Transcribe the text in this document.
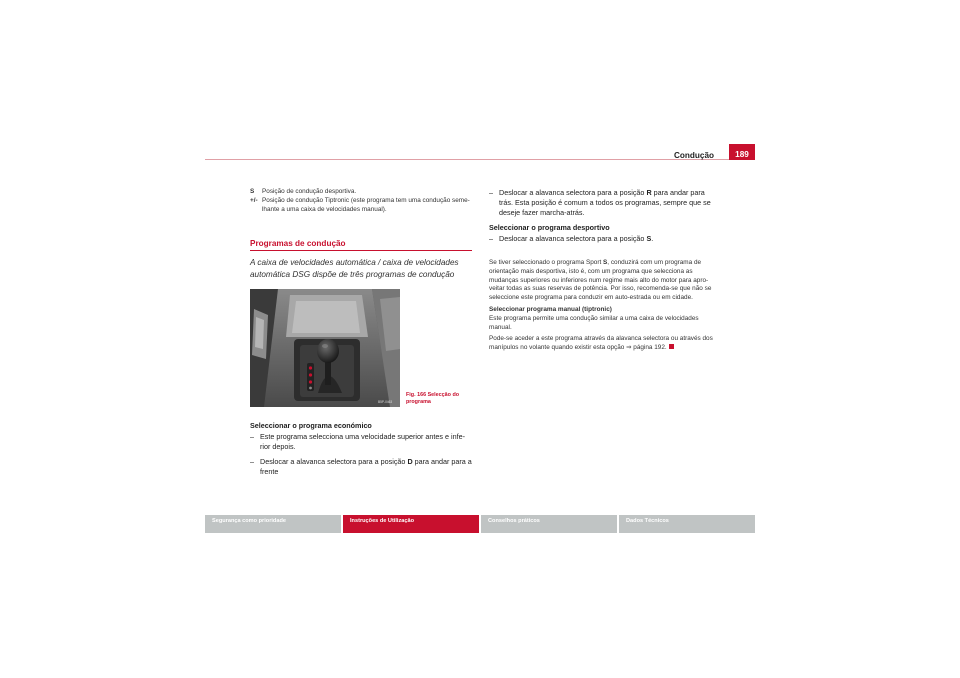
Condução	189
S	Posição de condução desportiva.
+/- Posição de condução Tiptronic (este programa tem uma condução seme-lhante a uma caixa de velocidades manual).
Programas de condução
A caixa de velocidades automática / caixa de velocidades automática DSG dispõe de três programas de condução
B5P-0463
Fig. 166 Selecção do programa
Seleccionar o programa económico
– Este programa selecciona uma velocidade superior antes e infe-rior depois.
– Deslocar a alavanca selectora para a posição D para andar para a frente
– Deslocar a alavanca selectora para a posição R para andar para trás. Esta posição é comum a todos os programas, sempre que se deseje fazer marcha-atrás.
Seleccionar o programa desportivo
– Deslocar a alavanca selectora para a posição S.
Se tiver seleccionado o programa Sport S, conduzirá com um programa de orientação mais desportiva, isto é, com um programa que selecciona as mudanças superiores ou inferiores num regime mais alto do motor para apro-veitar todas as suas reservas de potência. Por isso, recomenda-se que não se seleccione este programa para conduzir em auto-estrada ou em cidade.
Seleccionar programa manual (tiptronic)
Este programa permite uma condução similar a uma caixa de velocidades manual.
Pode-se aceder a este programa através da alavanca selectora ou através dos manípulos no volante quando existir esta opção ⇒ página 192.
Segurança como prioridade	Instruções de Utilização	Conselhos práticos	Dados Técnicos
